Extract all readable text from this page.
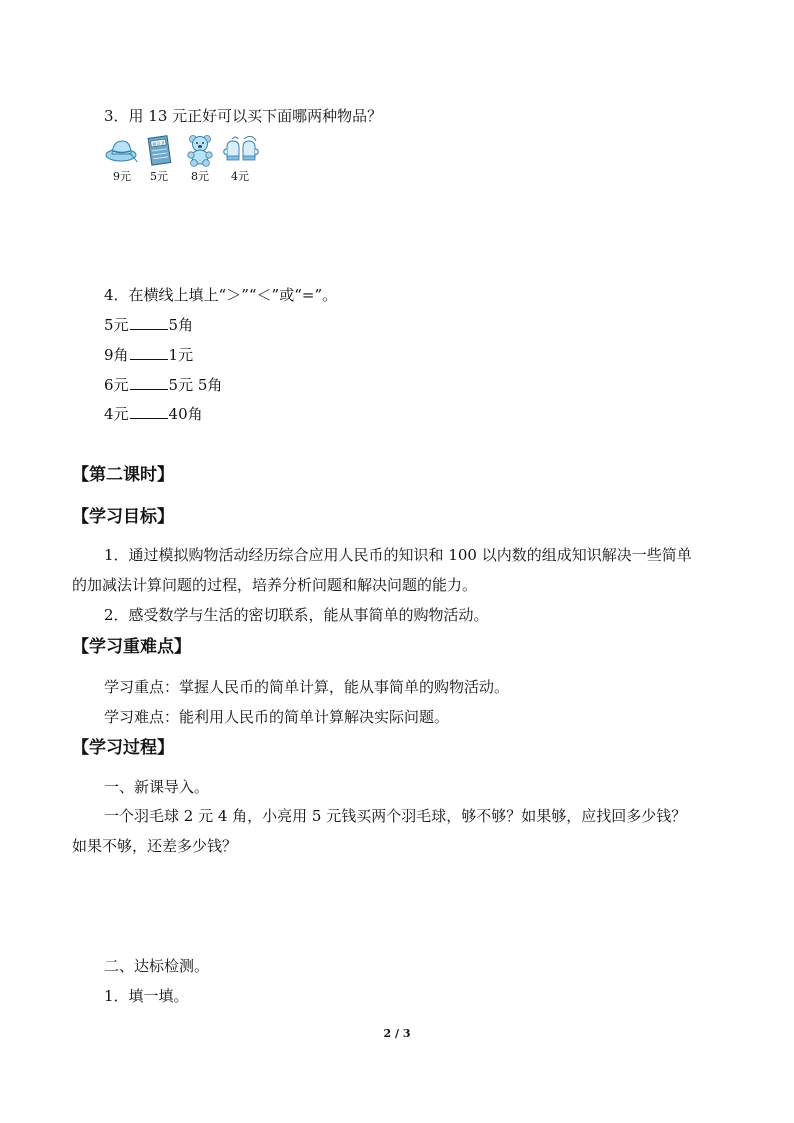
3．用 13 元正好可以买下面哪两种物品？
9元
格言书
5元	8元	4元
4．在横线上填上“＞”“＜”或“=”。
5元	5角
9角	1元
6元	5元 5角
4元	40角
【第二课时】
【学习目标】
1．通过模拟购物活动经历综合应用人民币的知识和 100 以内数的组成知识解决一些简单
的加减法计算问题的过程，培养分析问题和解决问题的能力。
2．感受数学与生活的密切联系，能从事简单的购物活动。
【学习重难点】
学习重点：掌握人民币的简单计算，能从事简单的购物活动。
学习难点：能利用人民币的简单计算解决实际问题。
【学习过程】
一、新课导入。
一个羽毛球 2 元 4 角，小亮用 5 元钱买两个羽毛球，够不够？如果够，应找回多少钱？
如果不够，还差多少钱？
二、达标检测。
1．填一填。
2 / 3
